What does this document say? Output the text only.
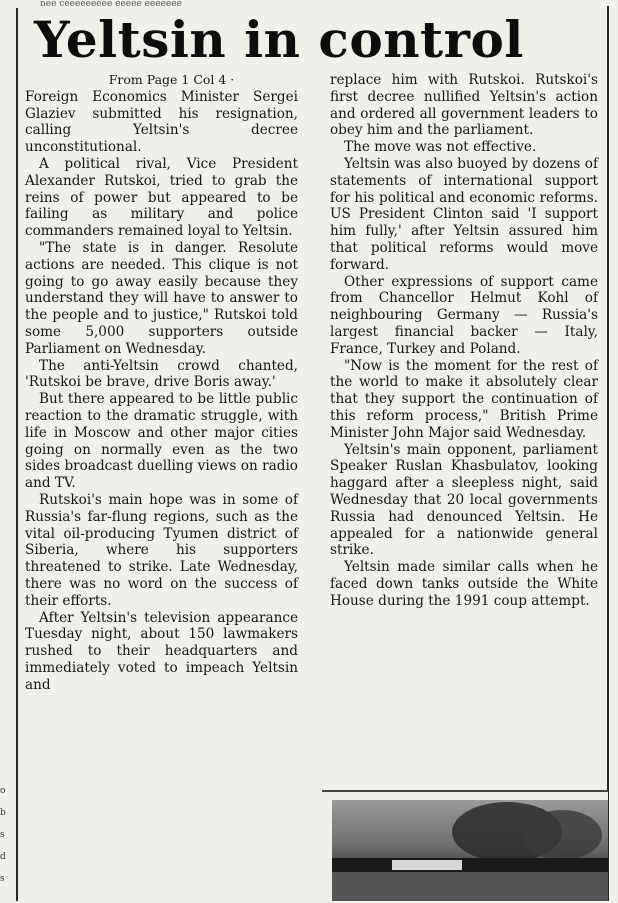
nee ceeeeeeeee eeeee eeeeeee
o
b
s
d
s
Yeltsin in control
From Page 1 Col 4 ·

Foreign Economics Minister Sergei Glaziev submitted his resignation, calling Yeltsin's decree unconstitutional.

A political rival, Vice President Alexander Rutskoi, tried to grab the reins of power but appeared to be failing as military and police commanders remained loyal to Yeltsin.

"The state is in danger. Resolute actions are needed. This clique is not going to go away easily because they understand they will have to answer to the people and to justice," Rutskoi told some 5,000 supporters outside Parliament on Wednesday.

The anti-Yeltsin crowd chanted, 'Rutskoi be brave, drive Boris away.'

But there appeared to be little public reaction to the dramatic struggle, with life in Moscow and other major cities going on normally even as the two sides broadcast duelling views on radio and TV.

Rutskoi's main hope was in some of Russia's far-flung regions, such as the vital oil-producing Tyumen district of Siberia, where his supporters threatened to strike. Late Wednesday, there was no word on the success of their efforts.

After Yeltsin's television appearance Tuesday night, about 150 lawmakers rushed to their headquarters and immediately voted to impeach Yeltsin and

replace him with Rutskoi. Rutskoi's first decree nullified Yeltsin's action and ordered all government leaders to obey him and the parliament.

The move was not effective.

Yeltsin was also buoyed by dozens of statements of international support for his political and economic reforms. US President Clinton said 'I support him fully,' after Yeltsin assured him that political reforms would move forward.

Other expressions of support came from Chancellor Helmut Kohl of neighbouring Germany — Russia's largest financial backer — Italy, France, Turkey and Poland.

"Now is the moment for the rest of the world to make it absolutely clear that they support the continuation of this reform process," British Prime Minister John Major said Wednesday.

Yeltsin's main opponent, parliament Speaker Ruslan Khasbulatov, looking haggard after a sleepless night, said Wednesday that 20 local governments Russia had denounced Yeltsin. He appealed for a nationwide general strike.

Yeltsin made similar calls when he faced down tanks outside the White House during the 1991 coup attempt.
